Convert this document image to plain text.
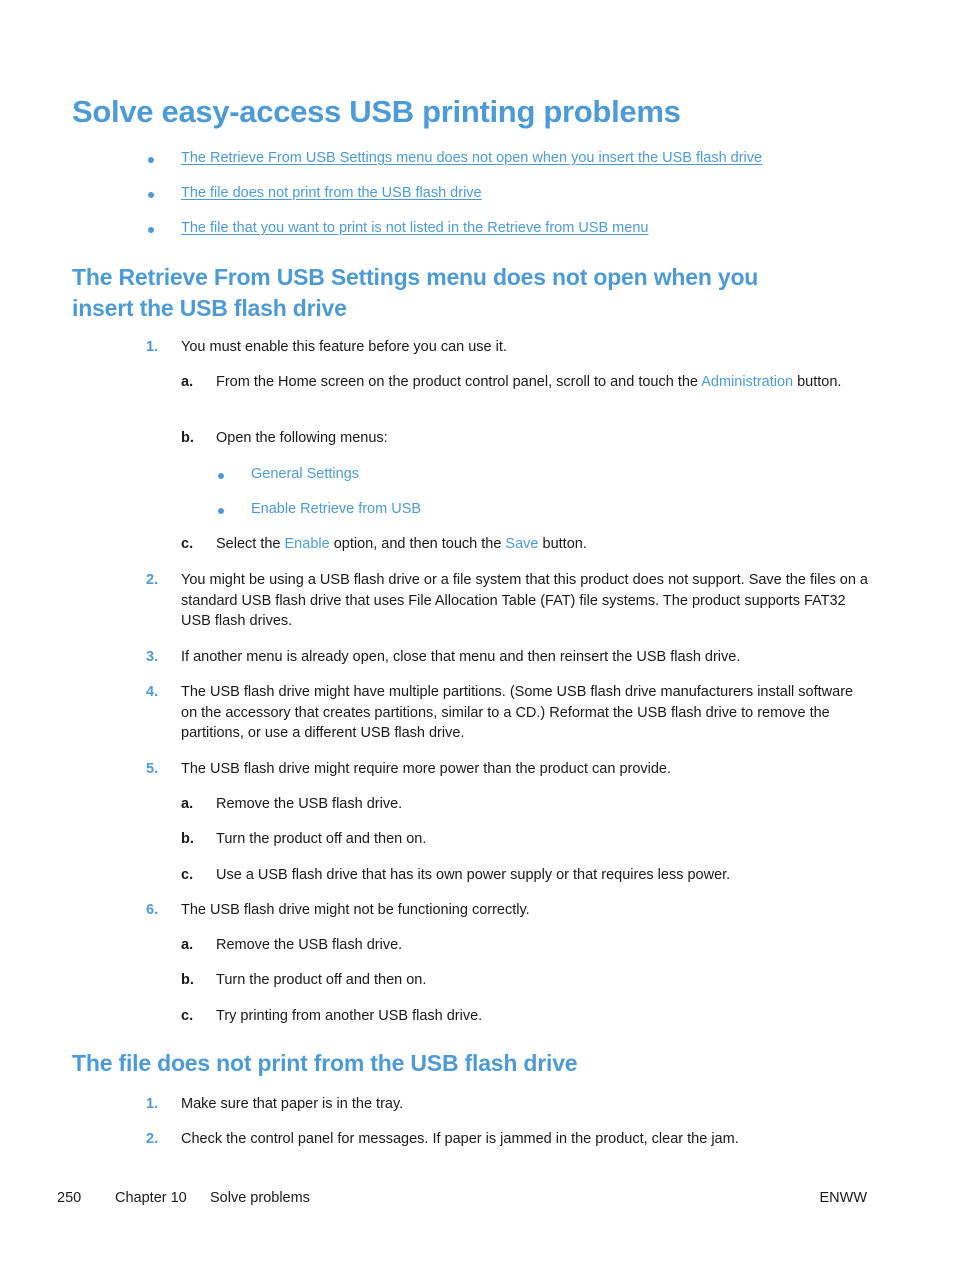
Solve easy-access USB printing problems
The Retrieve From USB Settings menu does not open when you insert the USB flash drive
The file does not print from the USB flash drive
The file that you want to print is not listed in the Retrieve from USB menu
The Retrieve From USB Settings menu does not open when you
insert the USB flash drive
1. You must enable this feature before you can use it.
a. From the Home screen on the product control panel, scroll to and touch the Administration button.
b. Open the following menus:
General Settings
Enable Retrieve from USB
c. Select the Enable option, and then touch the Save button.
2. You might be using a USB flash drive or a file system that this product does not support. Save the files on a standard USB flash drive that uses File Allocation Table (FAT) file systems. The product supports FAT32 USB flash drives.
3. If another menu is already open, close that menu and then reinsert the USB flash drive.
4. The USB flash drive might have multiple partitions. (Some USB flash drive manufacturers install software on the accessory that creates partitions, similar to a CD.) Reformat the USB flash drive to remove the partitions, or use a different USB flash drive.
5. The USB flash drive might require more power than the product can provide.
a. Remove the USB flash drive.
b. Turn the product off and then on.
c. Use a USB flash drive that has its own power supply or that requires less power.
6. The USB flash drive might not be functioning correctly.
a. Remove the USB flash drive.
b. Turn the product off and then on.
c. Try printing from another USB flash drive.
The file does not print from the USB flash drive
1. Make sure that paper is in the tray.
2. Check the control panel for messages. If paper is jammed in the product, clear the jam.
250 Chapter 10 Solve problems	ENWW
